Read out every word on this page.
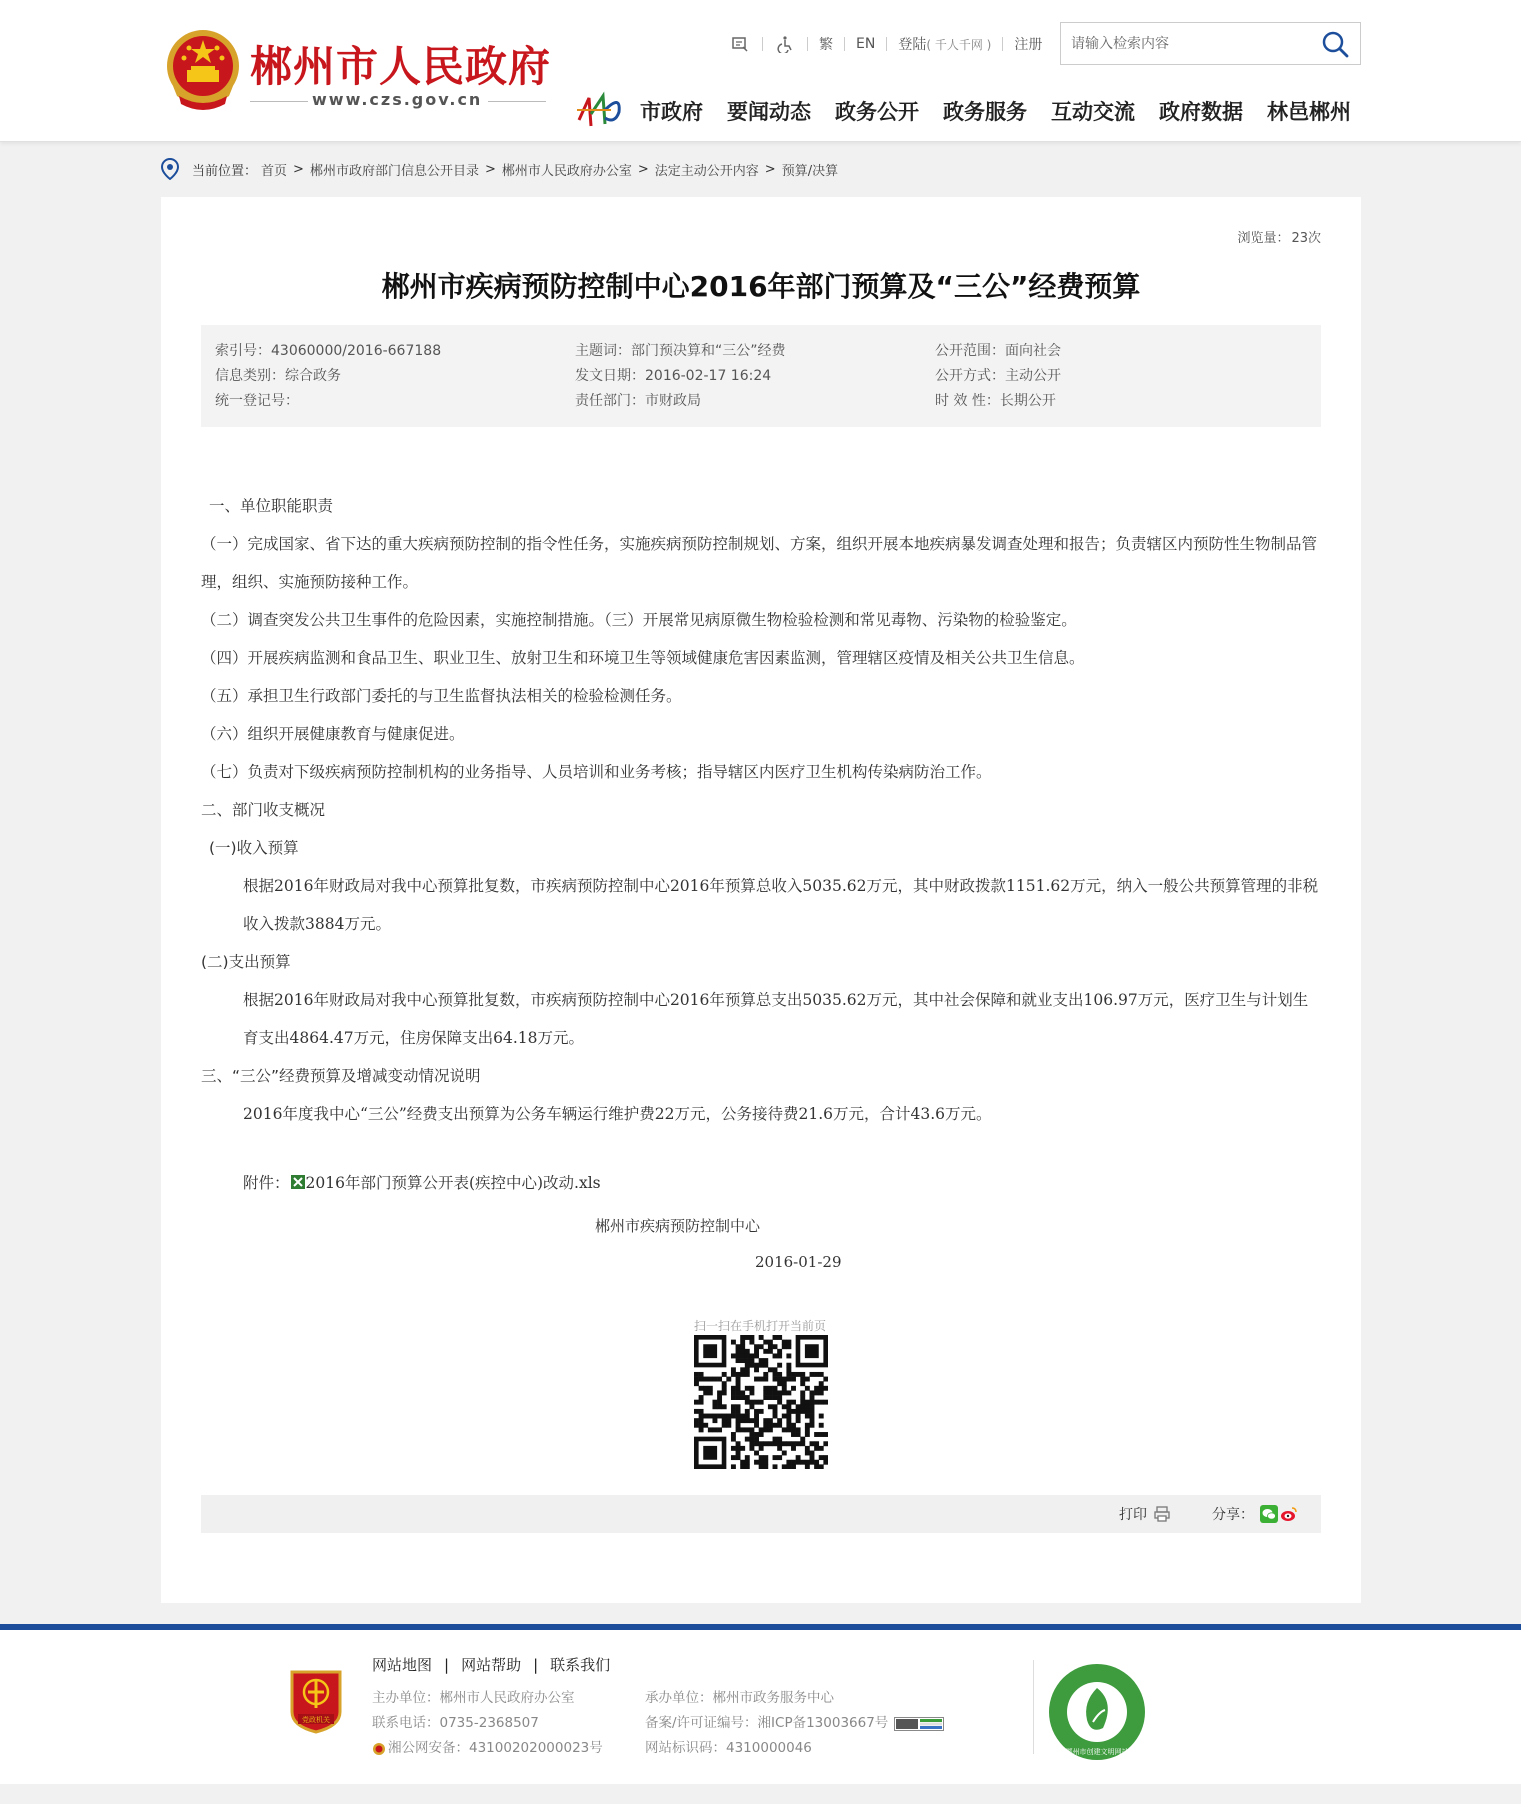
郴州市人民政府
www.czs.gov.cn
繁 EN 登陆( 千人千网 ) 注册
请输入检索内容
市政府 要闻动态 政务公开 政务服务 互动交流 政府数据 林邑郴州
当前位置： 首页 > 郴州市政府部门信息公开目录 > 郴州市人民政府办公室 > 法定主动公开内容 > 预算/决算
浏览量： 23次
郴州市疾病预防控制中心2016年部门预算及“三公”经费预算
索引号：43060000/2016-667188
信息类别：综合政务
统一登记号：
主题词：部门预决算和“三公”经费
发文日期：2016-02-17 16:24
责任部门：市财政局
公开范围：面向社会
公开方式：主动公开
时 效 性：长期公开

一、单位职能职责

（一）完成国家、省下达的重大疾病预防控制的指令性任务，实施疾病预防控制规划、方案，组织开展本地疾病暴发调查处理和报告；负责辖区内预防性生物制品管理，组织、实施预防接种工作。

（二）调查突发公共卫生事件的危险因素，实施控制措施。（三）开展常见病原微生物检验检测和常见毒物、污染物的检验鉴定。

（四）开展疾病监测和食品卫生、职业卫生、放射卫生和环境卫生等领域健康危害因素监测，管理辖区疫情及相关公共卫生信息。

（五）承担卫生行政部门委托的与卫生监督执法相关的检验检测任务。

（六）组织开展健康教育与健康促进。

（七）负责对下级疾病预防控制机构的业务指导、人员培训和业务考核；指导辖区内医疗卫生机构传染病防治工作。

二、部门收支概况

(一)收入预算

根据2016年财政局对我中心预算批复数，市疾病预防控制中心2016年预算总收入5035.62万元，其中财政拨款1151.62万元，纳入一般公共预算管理的非税收入拨款3884万元。

(二)支出预算

根据2016年财政局对我中心预算批复数，市疾病预防控制中心2016年预算总支出5035.62万元，其中社会保障和就业支出106.97万元，医疗卫生与计划生育支出4864.47万元，住房保障支出64.18万元。

三、“三公”经费预算及增减变动情况说明

2016年度我中心“三公”经费支出预算为公务车辆运行维护费22万元，公务接待费21.6万元，合计43.6万元。

附件： 2016年部门预算公开表(疾控中心)改动.xls
郴州市疾病预防控制中心
2016-01-29
扫一扫在手机打开当前页
打印	分享：
党政机关
网站地图 | 网站帮助 | 联系我们
主办单位：郴州市人民政府办公室
联系电话：0735-2368507
湘公网安备：43100202000023号
承办单位：郴州市政务服务中心
备案/许可证编号：湘ICP备13003667号
网站标识码：4310000046	郴州市创建文明网站
